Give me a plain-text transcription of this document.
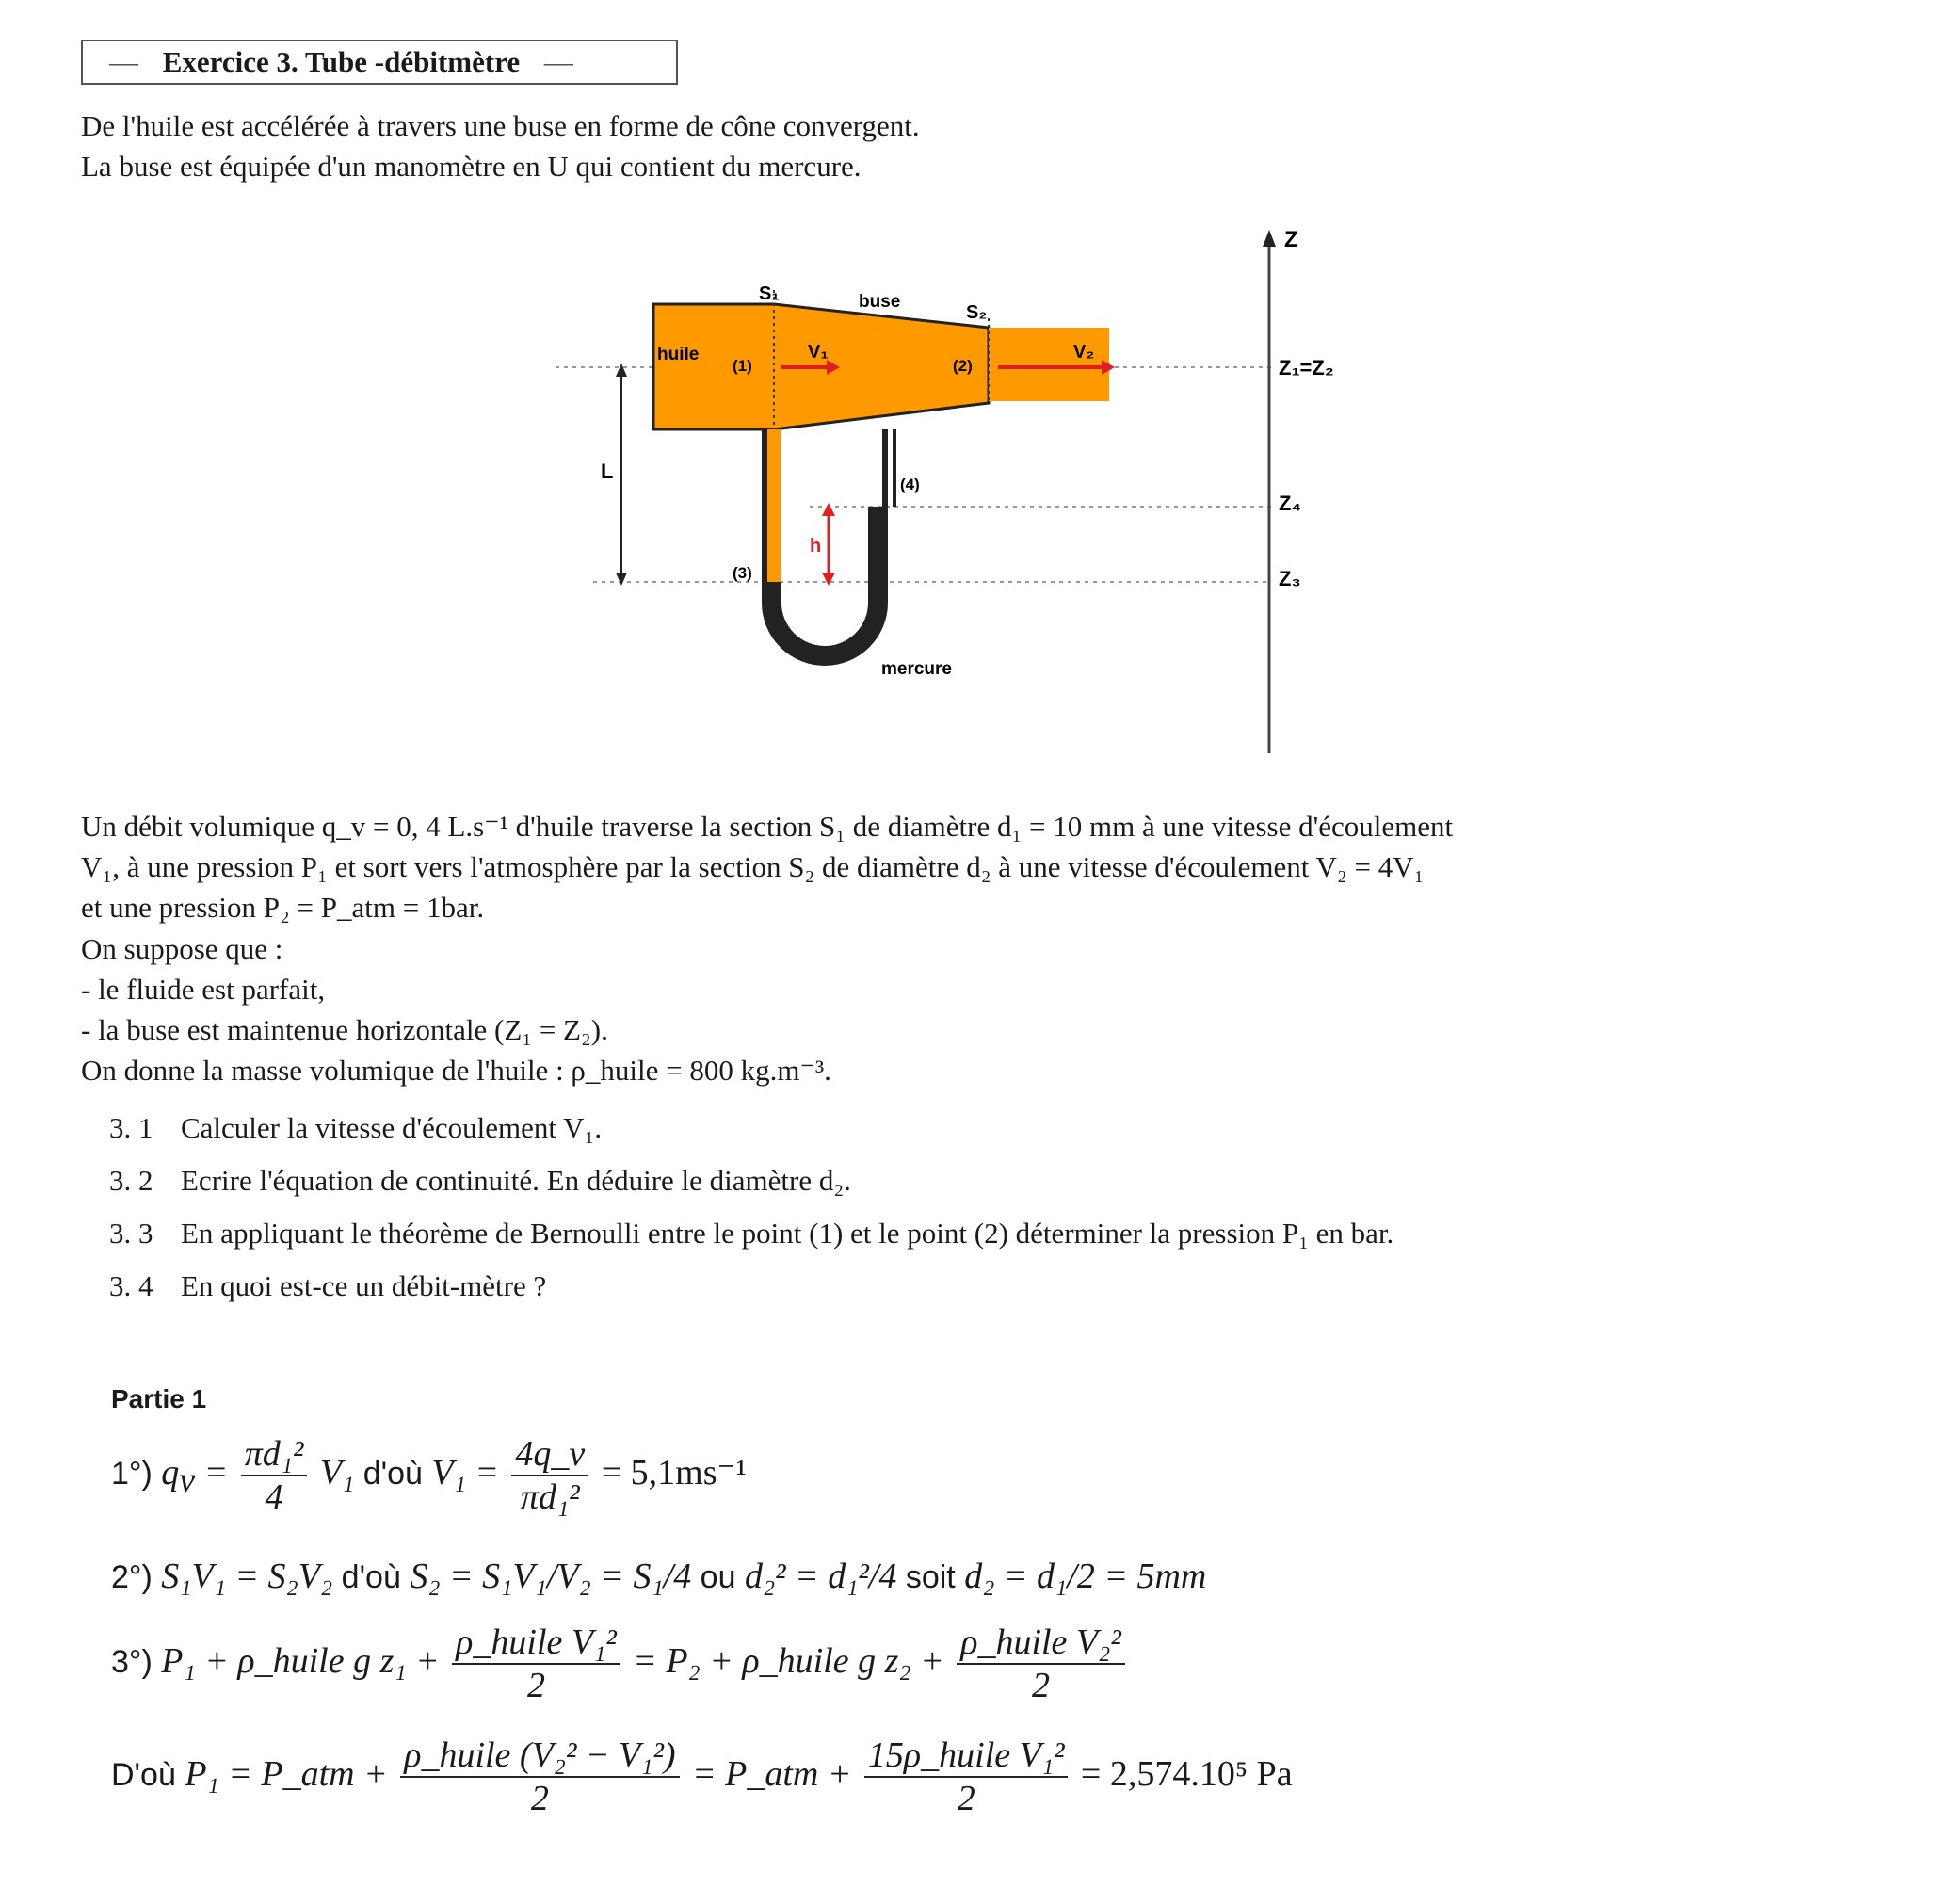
— Exercice 3. Tube -débitmètre —
De l'huile est accélérée à travers une buse en forme de cône convergent.
La buse est équipée d'un manomètre en U qui contient du mercure.
Z
S₁	buse
S₂
huile
(1)
V₁
(2)
V₂
Z₁=Z₂
L
(4)
Z₄
h
(3)	Z₃
mercure
Un débit volumique q_v = 0, 4 L.s⁻¹ d'huile traverse la section S₁ de diamètre d₁ = 10 mm à une vitesse d'écoulement
V₁, à une pression P₁ et sort vers l'atmosphère par la section S₂ de diamètre d₂ à une vitesse d'écoulement V₂ = 4V₁
et une pression P₂ = P_atm = 1bar.
On suppose que :
- le fluide est parfait,
- la buse est maintenue horizontale (Z₁ = Z₂).
On donne la masse volumique de l'huile : ρ_huile = 800 kg.m⁻³.
3. 1 Calculer la vitesse d'écoulement V₁.
3. 2 Ecrire l'équation de continuité. En déduire le diamètre d₂.
3. 3 En appliquant le théorème de Bernoulli entre le point (1) et le point (2) déterminer la pression P₁ en bar.
3. 4 En quoi est-ce un débit-mètre ?
Partie 1
1°) $q_v = \frac{\text{πd₁²}}{4} V_1$ d'où $V_1 = \frac{4q\_v}{\text{πd₁²}} = 5,1ms^{-1}$
2°) S₁V₁ = S₂V₂ d'où S₂ = S₁V₁/V₂ = S₁/4 ou d₂² = d₁²/4 soit d₂ = d₁/2 = 5mm
3°) P₁ + ρ_huile g $z_1 + \frac{\text{ρ\_huile V₁²}}{2} = P_2$ + ρ_huile g $z_2 + \frac{\text{ρ\_huile V₂²}}{2}$
D'où P₁ = P_atm + $\frac{\text{ρ\_huile (V₂² − V₁²)}}{2}$ = P_atm + $\frac{\text{15ρ\_huile V₁²}}{2} = 2,574.10^5$ Pa
